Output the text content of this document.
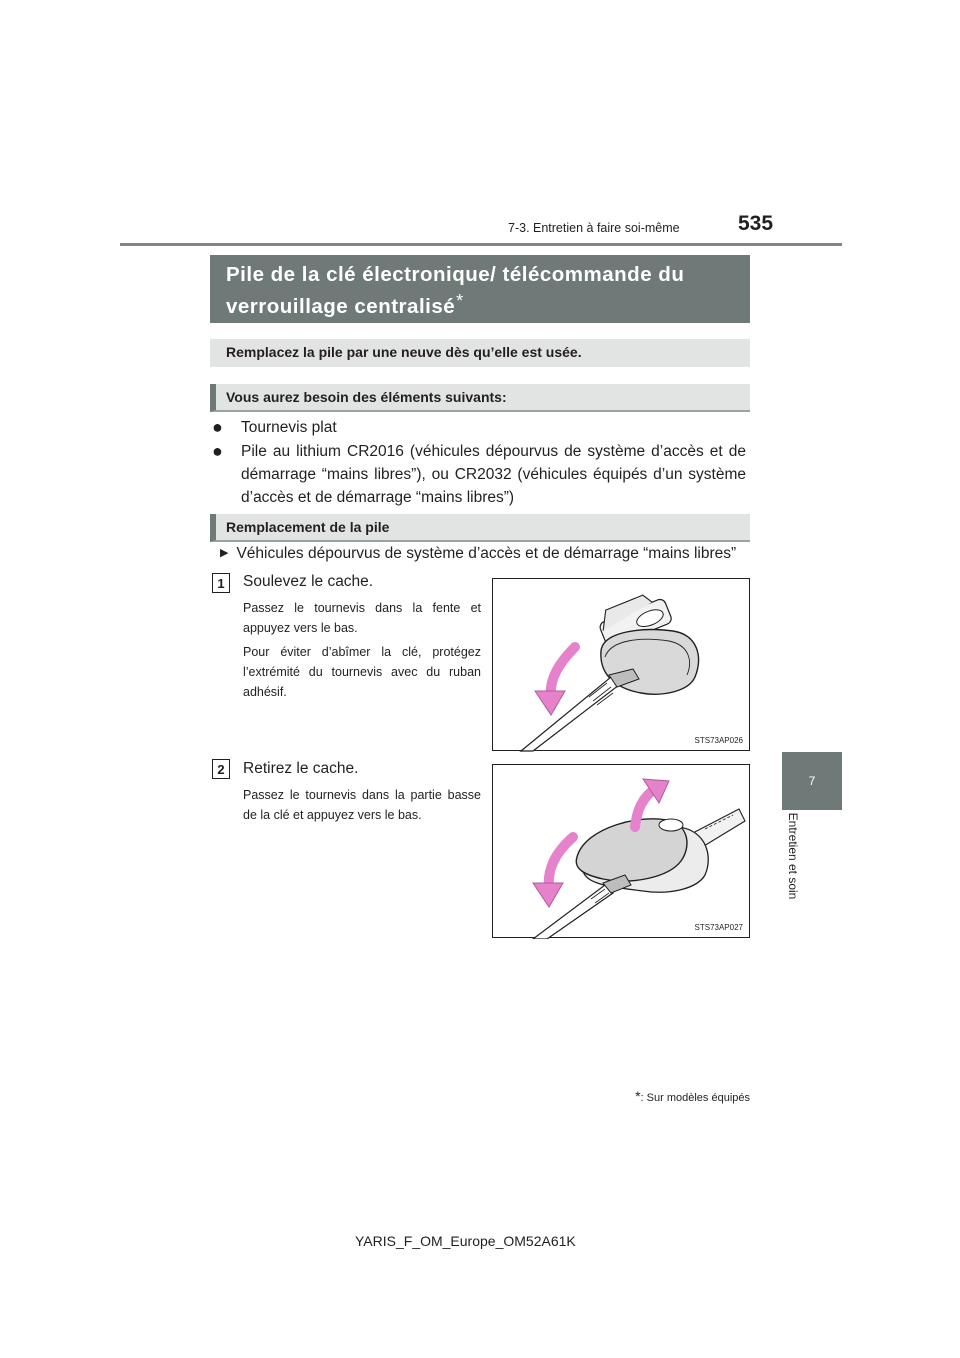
7-3. Entretien à faire soi-même	535
7
Entretien et soin
Pile de la clé électronique/ télécommande du verrouillage centralisé*
Remplacez la pile par une neuve dès qu’elle est usée.
Vous aurez besoin des éléments suivants:
● Tournevis plat
● Pile au lithium CR2016 (véhicules dépourvus de système d’accès et de démarrage “mains libres”), ou CR2032 (véhicules équipés d’un système d’accès et de démarrage “mains libres”)
Remplacement de la pile
▶ Véhicules dépourvus de système d’accès et de démarrage “mains libres”
1	Soulevez le cache.
Passez le tournevis dans la fente et appuyez vers le bas.
Pour éviter d’abîmer la clé, protégez l’extrémité du tournevis avec du ruban adhésif.
STS73AP026
2	Retirez le cache.
Passez le tournevis dans la partie basse de la clé et appuyez vers le bas.
STS73AP027
*: Sur modèles équipés
YARIS_F_OM_Europe_OM52A61K
